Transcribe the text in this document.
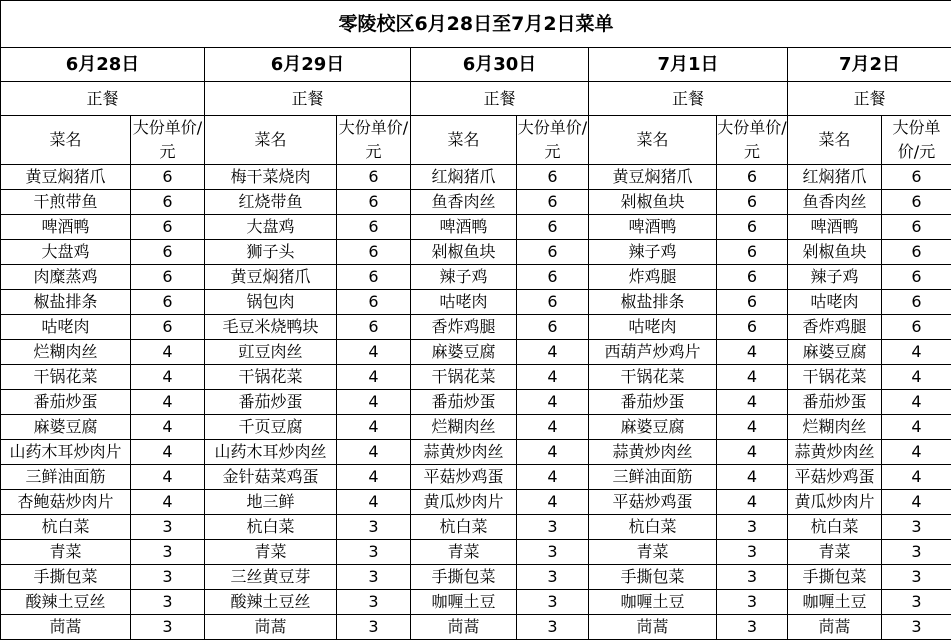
零陵校区6月28日至7月2日菜单									
6月28日		6月29日		6月30日		7月1日		7月2日	
正餐		正餐		正餐		正餐		正餐	
菜名	大份单价/元	菜名	大份单价/元	菜名	大份单价/元	菜名	大份单价/元	菜名	大份单价/元
黄豆焖猪爪	6	梅干菜烧肉	6	红焖猪爪	6	黄豆焖猪爪	6	红焖猪爪	6
干煎带鱼	6	红烧带鱼	6	鱼香肉丝	6	剁椒鱼块	6	鱼香肉丝	6
啤酒鸭	6	大盘鸡	6	啤酒鸭	6	啤酒鸭	6	啤酒鸭	6
大盘鸡	6	狮子头	6	剁椒鱼块	6	辣子鸡	6	剁椒鱼块	6
肉糜蒸鸡	6	黄豆焖猪爪	6	辣子鸡	6	炸鸡腿	6	辣子鸡	6
椒盐排条	6	锅包肉	6	咕咾肉	6	椒盐排条	6	咕咾肉	6
咕咾肉	6	毛豆米烧鸭块	6	香炸鸡腿	6	咕咾肉	6	香炸鸡腿	6
烂糊肉丝	4	豇豆肉丝	4	麻婆豆腐	4	西葫芦炒鸡片	4	麻婆豆腐	4
干锅花菜	4	干锅花菜	4	干锅花菜	4	干锅花菜	4	干锅花菜	4
番茄炒蛋	4	番茄炒蛋	4	番茄炒蛋	4	番茄炒蛋	4	番茄炒蛋	4
麻婆豆腐	4	千页豆腐	4	烂糊肉丝	4	麻婆豆腐	4	烂糊肉丝	4
山药木耳炒肉片	4	山药木耳炒肉丝	4	蒜黄炒肉丝	4	蒜黄炒肉丝	4	蒜黄炒肉丝	4
三鲜油面筋	4	金针菇菜鸡蛋	4	平菇炒鸡蛋	4	三鲜油面筋	4	平菇炒鸡蛋	4
杏鲍菇炒肉片	4	地三鲜	4	黄瓜炒肉片	4	平菇炒鸡蛋	4	黄瓜炒肉片	4
杭白菜	3	杭白菜	3	杭白菜	3	杭白菜	3	杭白菜	3
青菜	3	青菜	3	青菜	3	青菜	3	青菜	3
手撕包菜	3	三丝黄豆芽	3	手撕包菜	3	手撕包菜	3	手撕包菜	3
酸辣土豆丝	3	酸辣土豆丝	3	咖喱土豆	3	咖喱土豆	3	咖喱土豆	3
茼蒿	3	茼蒿	3	茼蒿	3	茼蒿	3	茼蒿	3
